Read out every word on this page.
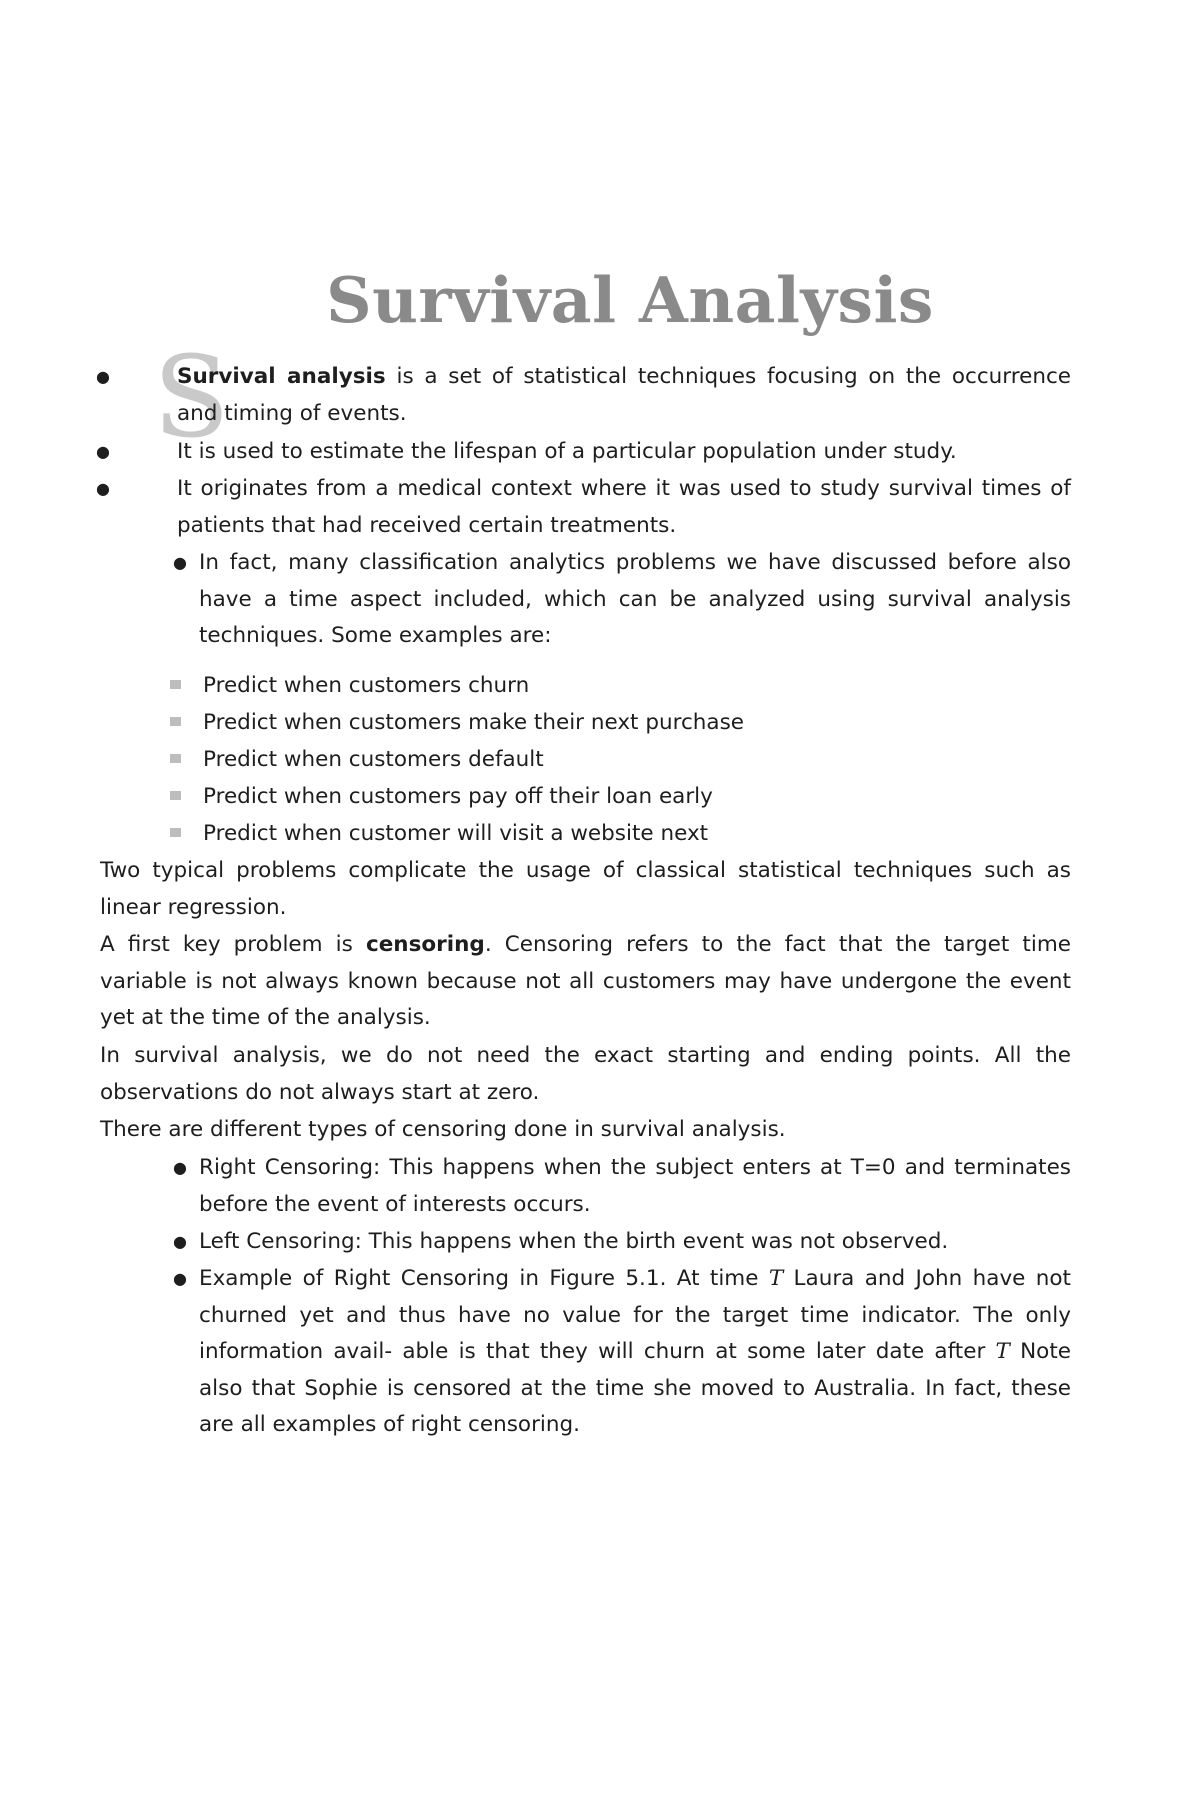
Survival Analysis
S
●	Survival analysis is a set of statistical techniques focusing on the occurrence and timing of events.

●	It is used to estimate the lifespan of a particular population under study.
●	It originates from a medical context where it was used to study survival times of patients that had received certain treatments.
● In fact, many classification analytics problems we have discussed before also have a time aspect included, which can be analyzed using survival analysis techniques. Some examples are:

Predict when customers churn
Predict when customers make their next purchase
Predict when customers default
Predict when customers pay off their loan early
Predict when customer will visit a website next
Two typical problems complicate the usage of classical statistical techniques such as linear regression.

A first key problem is censoring. Censoring refers to the fact that the target time variable is not always known because not all customers may have undergone the event yet at the time of the analysis.

In survival analysis, we do not need the exact starting and ending points. All the observations do not always start at zero.
There are different types of censoring done in survival analysis.
● Right Censoring: This happens when the subject enters at T=0 and terminates before the event of interests occurs.
● Left Censoring: This happens when the birth event was not observed.
● Example of Right Censoring in Figure 5.1. At time T Laura and John have not churned yet and thus have no value for the target time indicator. The only information avail- able is that they will churn at some later date after T Note also that Sophie is censored at the time she moved to Australia. In fact, these are all examples of right censoring.
